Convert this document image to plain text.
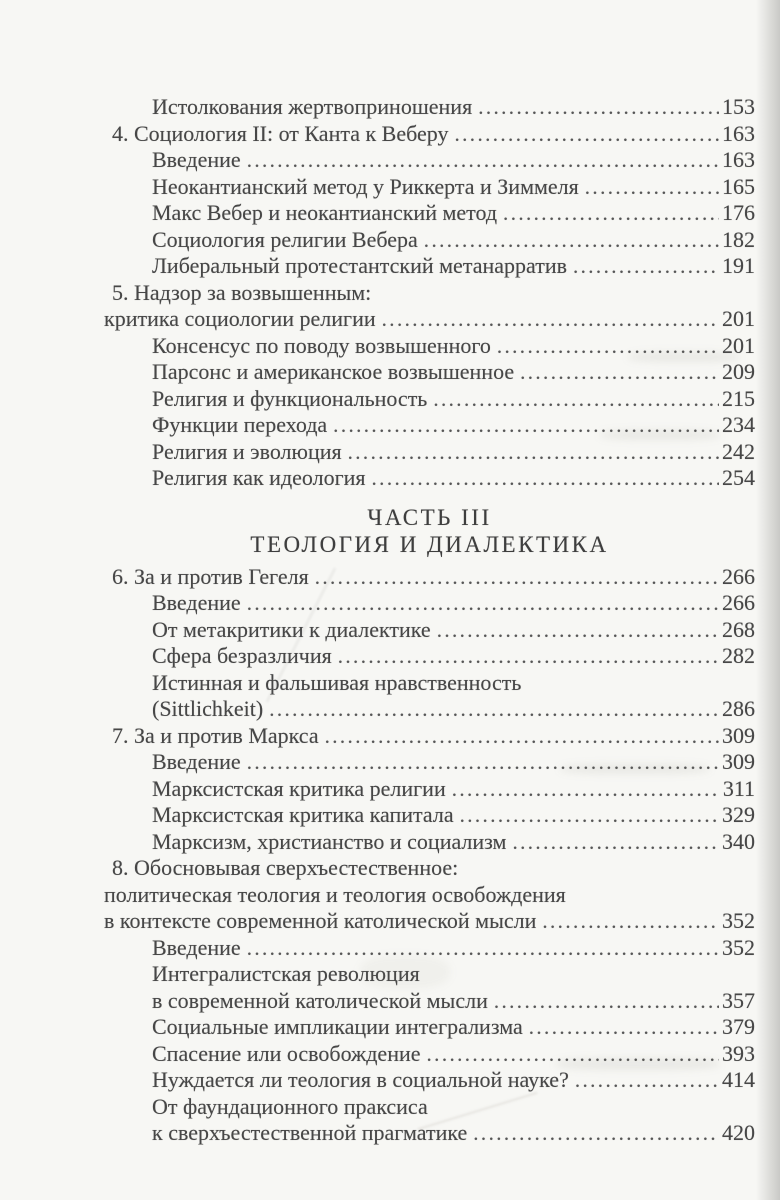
Истолкования жертвоприношения .....	153
4. Социология II: от Канта к Веберу .....	163
Введение .....	163
Неокантианский метод у Риккерта и Зиммеля .....	165
Макс Вебер и неокантианский метод .....	176
Социология религии Вебера .....	182
Либеральный протестантский метанарратив .....	191
5. Надзор за возвышенным:
критика социологии религии .....	201
Консенсус по поводу возвышенного .....	201
Парсонс и американское возвышенное .....	209
Религия и функциональность .....	215
Функции перехода .....	234
Религия и эволюция .....	242
Религия как идеология .....	254
ЧАСТЬ III
ТЕОЛОГИЯ И ДИАЛЕКТИКА
6. За и против Гегеля .....	266
Введение .....	266
От метакритики к диалектике .....	268
Сфера безразличия .....	282
Истинная и фальшивая нравственность
(Sittlichkeit) .....	286
7. За и против Маркса .....	309
Введение .....	309
Марксистская критика религии .....	311
Марксистская критика капитала .....	329
Марксизм, христианство и социализм .....	340
8. Обосновывая сверхъестественное:
политическая теология и теология освобождения
в контексте современной католической мысли .....	352
Введение .....	352
Интегралистская революция
в современной католической мысли .....	357
Социальные импликации интегрализма .....	379
Спасение или освобождение .....	393
Нуждается ли теология в социальной науке? .....	414
От фаундационного праксиса
к сверхъестественной прагматике .....	420
